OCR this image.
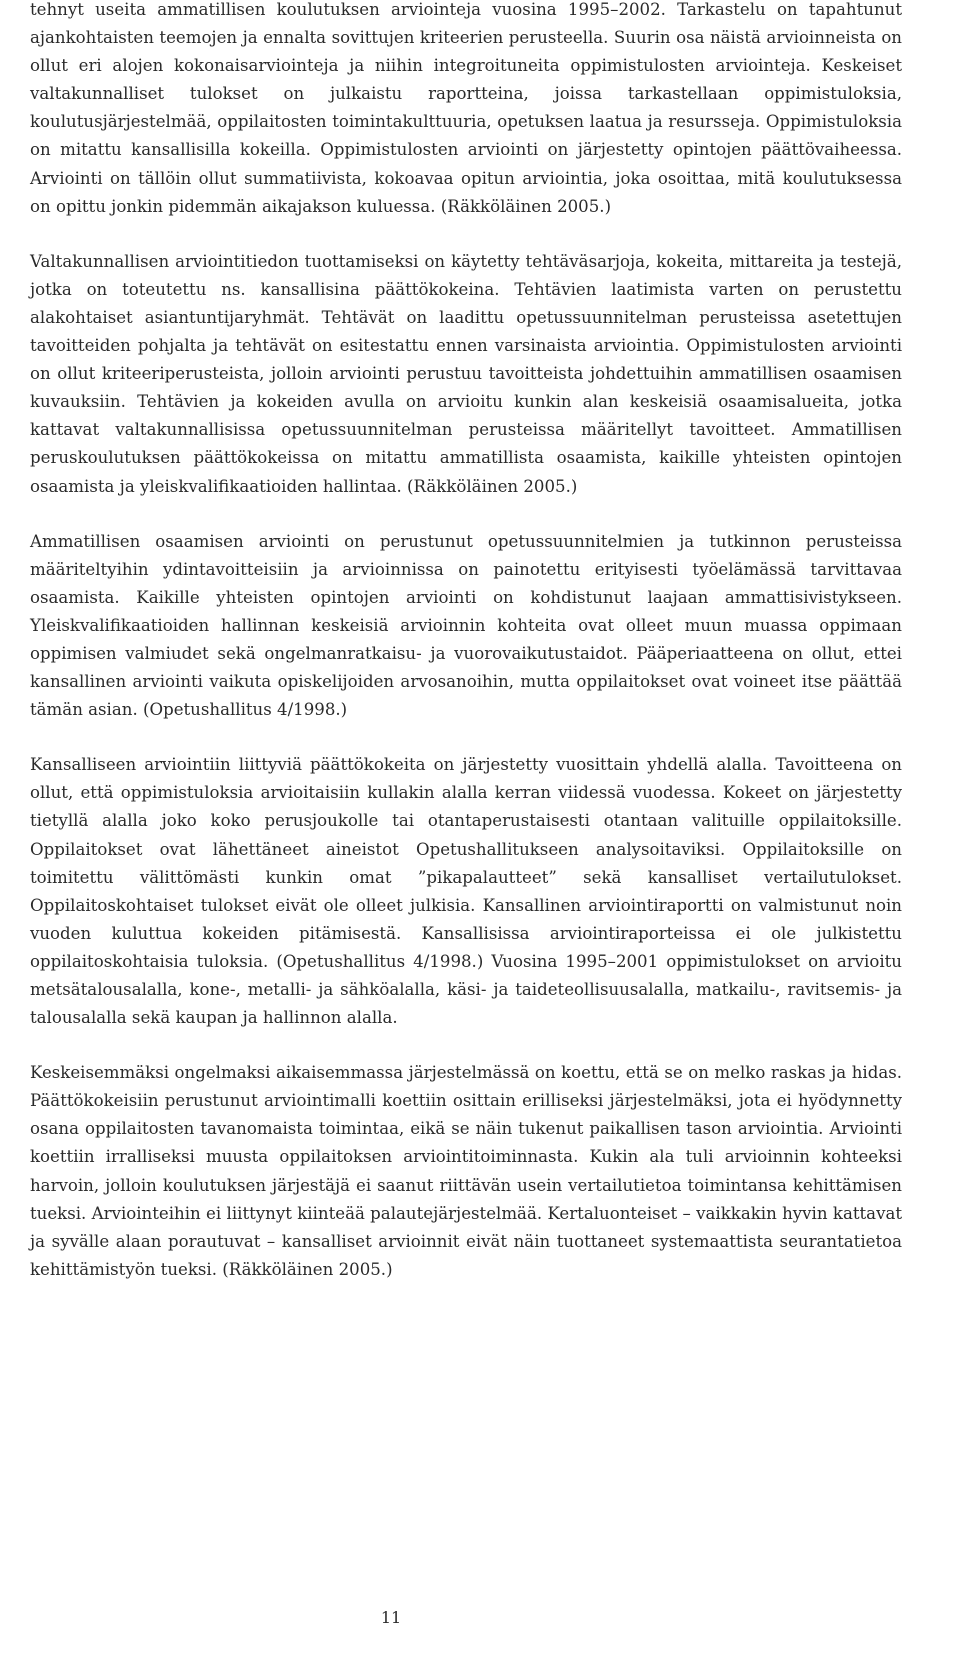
tehnyt useita ammatillisen koulutuksen arviointeja vuosina 1995–2002. Tarkastelu on tapahtunut ajankohtaisten teemojen ja ennalta sovittujen kriteerien perusteella. Suurin osa näistä arvioinneista on ollut eri alojen kokonaisarviointeja ja niihin integroituneita oppimistulosten arviointeja. Keskeiset valtakunnalliset tulokset on julkaistu raportteina, joissa tarkastellaan oppimistuloksia, koulutusjärjestelmää, oppilaitosten toimintakulttuuria, opetuksen laatua ja resursseja. Oppimistuloksia on mitattu kansallisilla kokeilla. Oppimistulosten arviointi on järjestetty opintojen päättövaiheessa. Arviointi on tällöin ollut summatiivista, kokoavaa opitun arviointia, joka osoittaa, mitä koulutuksessa on opittu jonkin pidemmän aikajakson kuluessa. (Räkköläinen 2005.)

Valtakunnallisen arviointitiedon tuottamiseksi on käytetty tehtäväsarjoja, kokeita, mittareita ja testejä, jotka on toteutettu ns. kansallisina päättökokeina. Tehtävien laatimista varten on perustettu alakohtaiset asiantuntijaryhmät. Tehtävät on laadittu opetussuunnitelman perusteissa asetettujen tavoitteiden pohjalta ja tehtävät on esitestattu ennen varsinaista arviointia. Oppimistulosten arviointi on ollut kriteeriperusteista, jolloin arviointi perustuu tavoitteista johdettuihin ammatillisen osaamisen kuvauksiin. Tehtävien ja kokeiden avulla on arvioitu kunkin alan keskeisiä osaamisalueita, jotka kattavat valtakunnallisissa opetussuunnitelman perusteissa määritellyt tavoitteet. Ammatillisen peruskoulutuksen päättökokeissa on mitattu ammatillista osaamista, kaikille yhteisten opintojen osaamista ja yleiskvalifikaatioiden hallintaa. (Räkköläinen 2005.)

Ammatillisen osaamisen arviointi on perustunut opetussuunnitelmien ja tutkinnon perusteissa määriteltyihin ydintavoitteisiin ja arvioinnissa on painotettu erityisesti työelämässä tarvittavaa osaamista. Kaikille yhteisten opintojen arviointi on kohdistunut laajaan ammattisivistykseen. Yleiskvalifikaatioiden hallinnan keskeisiä arvioinnin kohteita ovat olleet muun muassa oppimaan oppimisen valmiudet sekä ongelmanratkaisu- ja vuorovaikutustaidot. Pääperiaatteena on ollut, ettei kansallinen arviointi vaikuta opiskelijoiden arvosanoihin, mutta oppilaitokset ovat voineet itse päättää tämän asian. (Opetushallitus 4/1998.)

Kansalliseen arviointiin liittyviä päättökokeita on järjestetty vuosittain yhdellä alalla. Tavoitteena on ollut, että oppimistuloksia arvioitaisiin kullakin alalla kerran viidessä vuodessa. Kokeet on järjestetty tietyllä alalla joko koko perusjoukolle tai otantaperustaisesti otantaan valituille oppilaitoksille. Oppilaitokset ovat lähettäneet aineistot Opetushallitukseen analysoitaviksi. Oppilaitoksille on toimitettu välittömästi kunkin omat ”pikapalautteet” sekä kansalliset vertailutulokset. Oppilaitoskohtaiset tulokset eivät ole olleet julkisia. Kansallinen arviointiraportti on valmistunut noin vuoden kuluttua kokeiden pitämisestä. Kansallisissa arviointiraporteissa ei ole julkistettu oppilaitoskohtaisia tuloksia. (Opetushallitus 4/1998.) Vuosina 1995–2001 oppimistulokset on arvioitu metsätalousalalla, kone-, metalli- ja sähköalalla, käsi- ja taideteollisuusalalla, matkailu-, ravitsemis- ja talousalalla sekä kaupan ja hallinnon alalla.

Keskeisemmäksi ongelmaksi aikaisemmassa järjestelmässä on koettu, että se on melko raskas ja hidas. Päättökokeisiin perustunut arviointimalli koettiin osittain erilliseksi järjestelmäksi, jota ei hyödynnetty osana oppilaitosten tavanomaista toimintaa, eikä se näin tukenut paikallisen tason arviointia. Arviointi koettiin irralliseksi muusta oppilaitoksen arviointitoiminnasta. Kukin ala tuli arvioinnin kohteeksi harvoin, jolloin koulutuksen järjestäjä ei saanut riittävän usein vertailutietoa toimintansa kehittämisen tueksi. Arviointeihin ei liittynyt kiinteää palautejärjestelmää. Kertaluonteiset – vaikkakin hyvin kattavat ja syvälle alaan porautuvat – kansalliset arvioinnit eivät näin tuottaneet systemaattista seurantatietoa kehittämistyön tueksi. (Räkköläinen 2005.)

11
